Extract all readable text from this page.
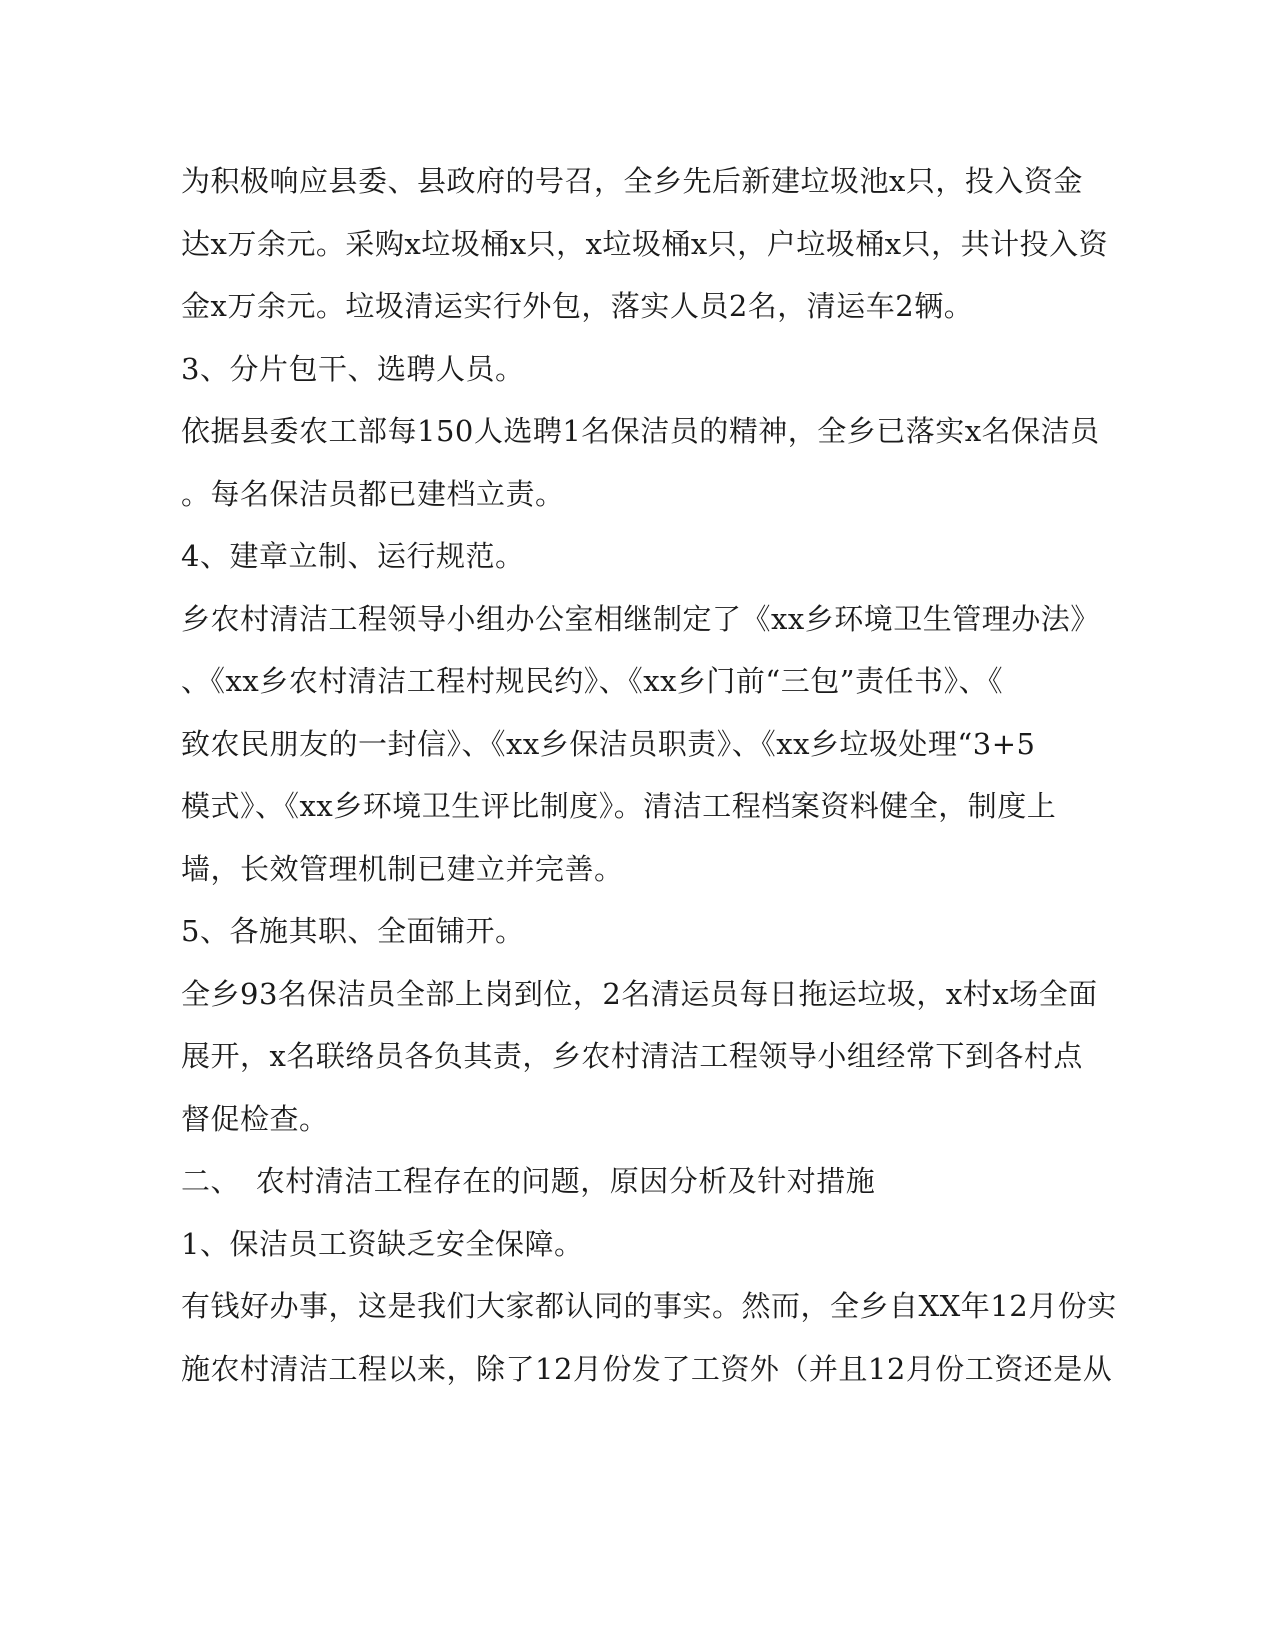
为积极响应县委、县政府的号召，全乡先后新建垃圾池x只，投入资金
达x万余元。采购x垃圾桶x只，x垃圾桶x只，户垃圾桶x只，共计投入资
金x万余元。垃圾清运实行外包，落实人员2名，清运车2辆。
3、分片包干、选聘人员。
依据县委农工部每150人选聘1名保洁员的精神，全乡已落实x名保洁员
。每名保洁员都已建档立责。
4、建章立制、运行规范。
乡农村清洁工程领导小组办公室相继制定了《xx乡环境卫生管理办法》
、《xx乡农村清洁工程村规民约》、《xx乡门前“三包”责任书》、《
致农民朋友的一封信》、《xx乡保洁员职责》、《xx乡垃圾处理“3+5
模式》、《xx乡环境卫生评比制度》。清洁工程档案资料健全，制度上
墙，长效管理机制已建立并完善。
5、各施其职、全面铺开。
全乡93名保洁员全部上岗到位，2名清运员每日拖运垃圾，x村x场全面
展开，x名联络员各负其责，乡农村清洁工程领导小组经常下到各村点
督促检查。
二、 农村清洁工程存在的问题，原因分析及针对措施
1、保洁员工资缺乏安全保障。
有钱好办事，这是我们大家都认同的事实。然而，全乡自XX年12月份实
施农村清洁工程以来，除了12月份发了工资外（并且12月份工资还是从
